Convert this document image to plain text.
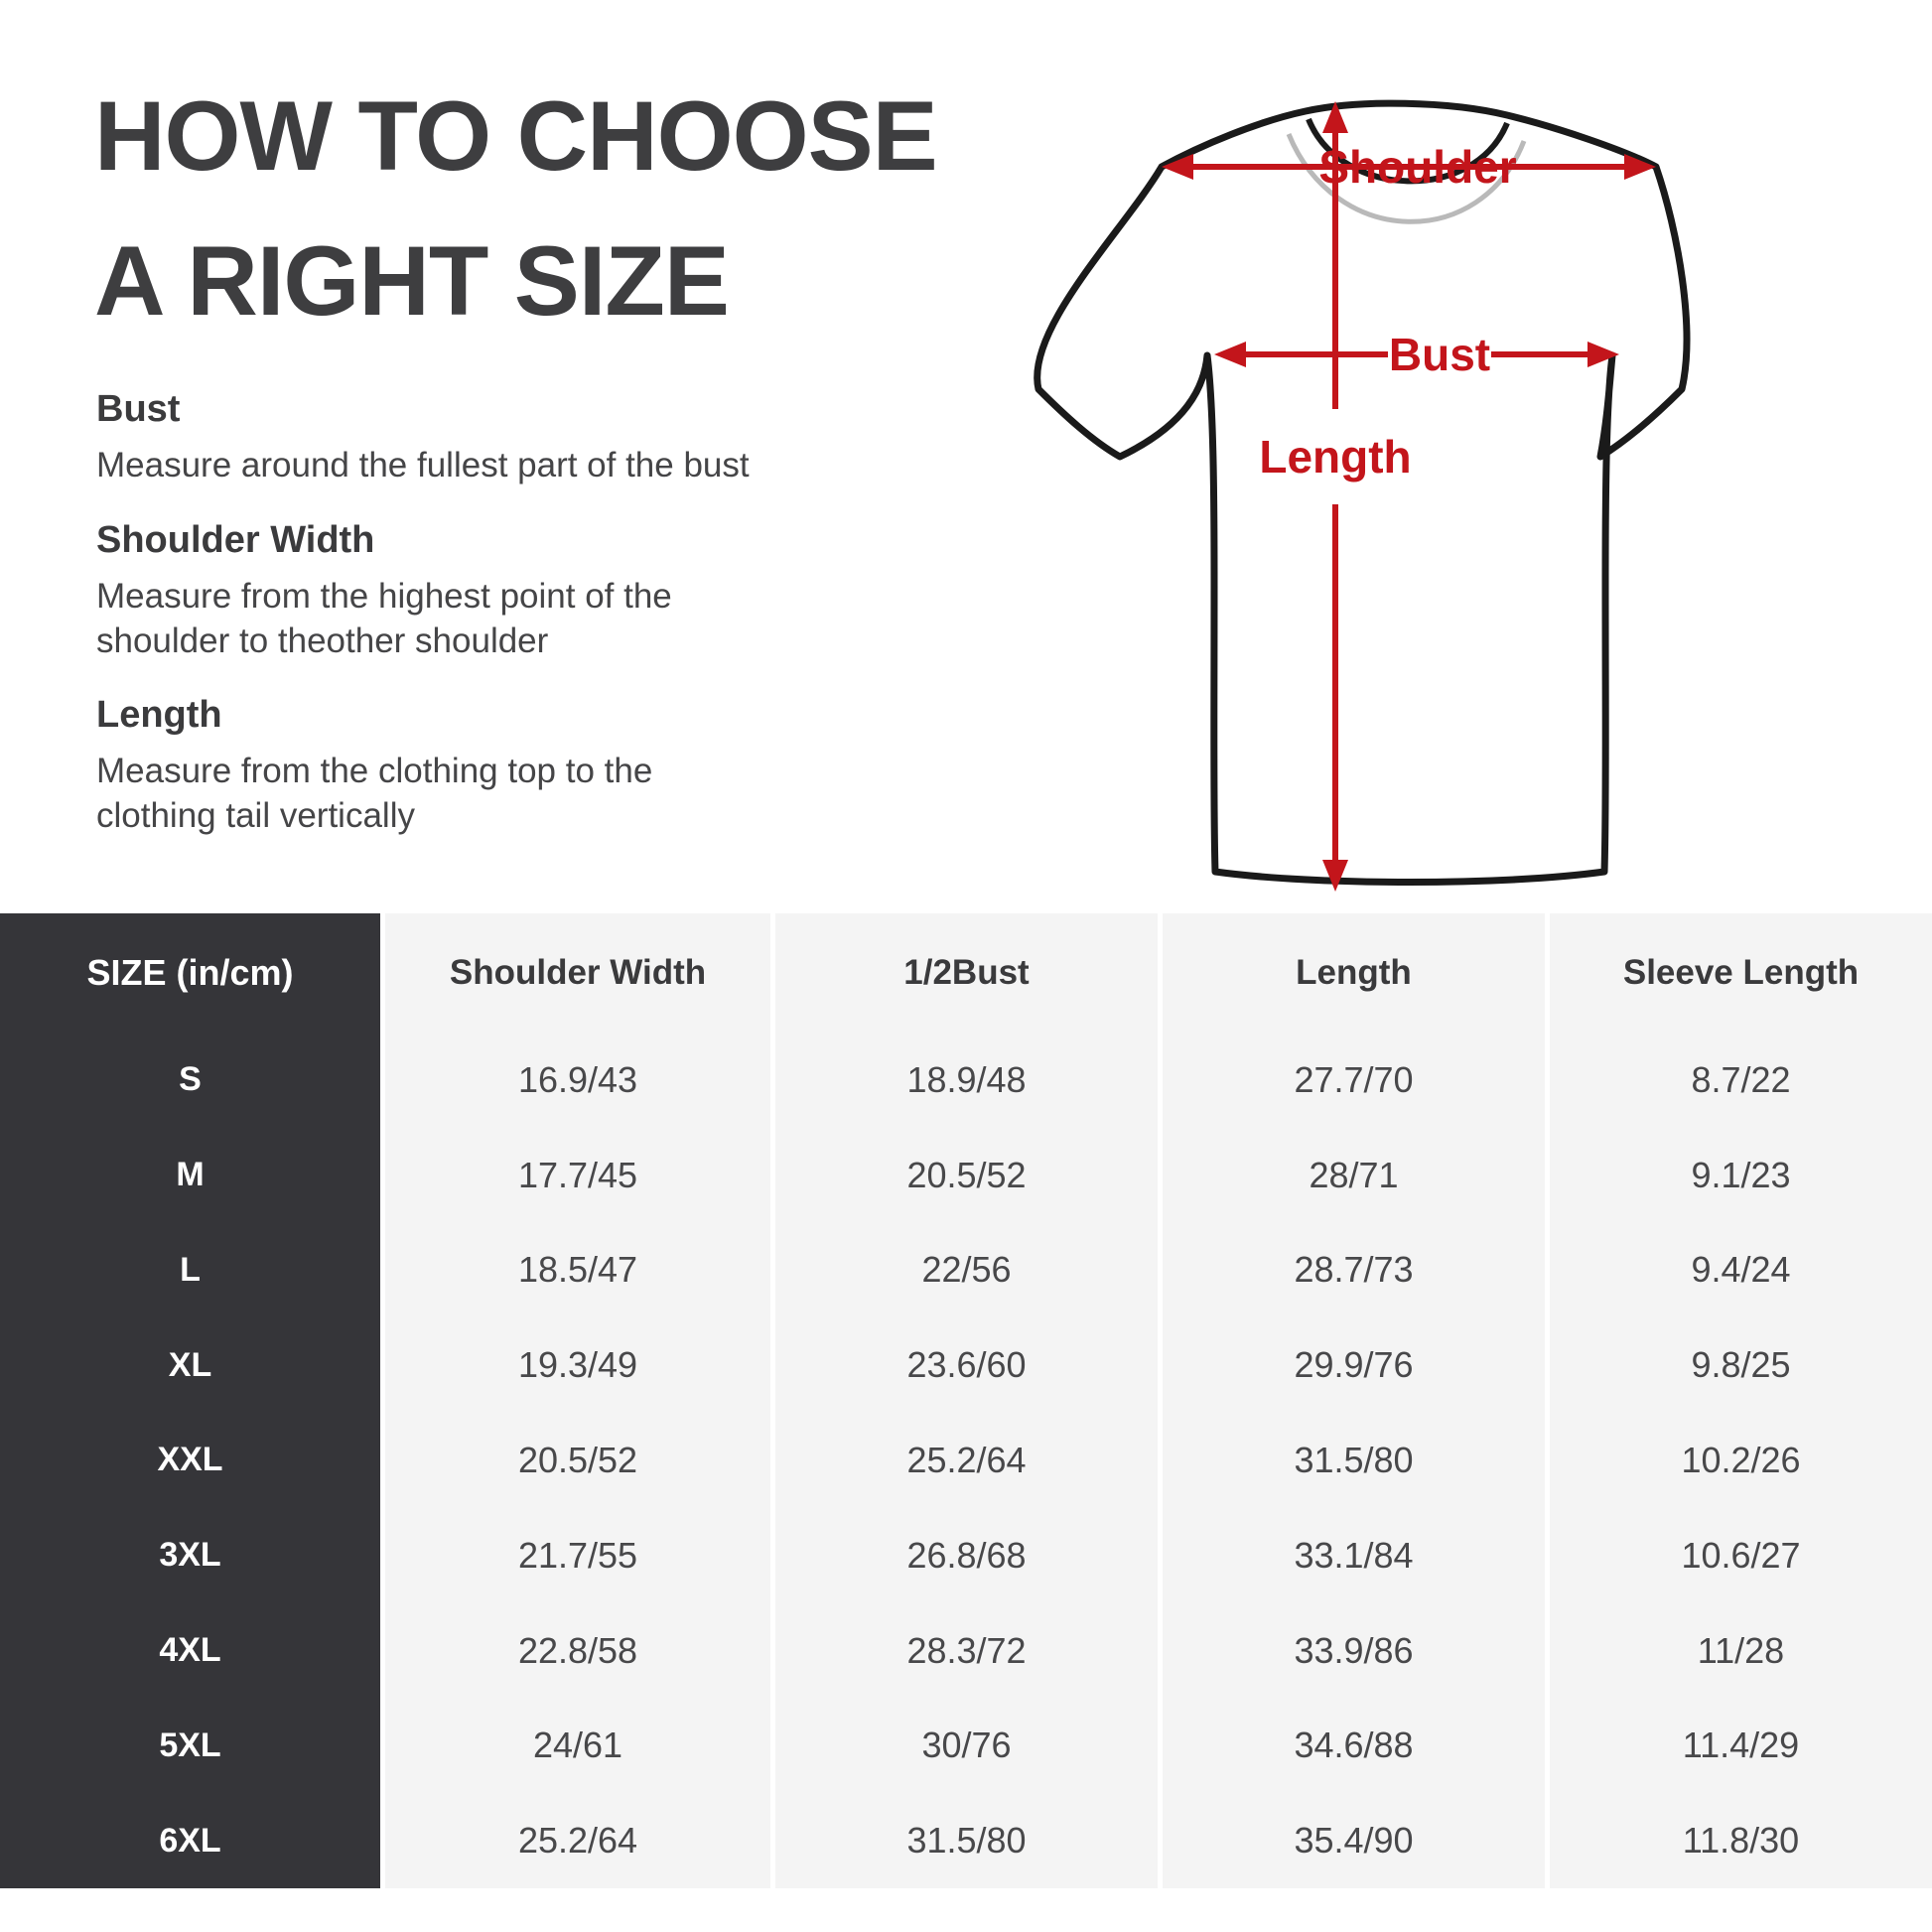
HOW TO CHOOSE
A RIGHT SIZE
Bust
Measure around the fullest part of the bust
Shoulder Width
Measure from the highest point of the
shoulder to theother shoulder
Length
Measure from the clothing top to the
clothing tail vertically
Shoulder
Bust
Length
SIZE (in/cm)	Shoulder Width	1/2Bust	Length	Sleeve Length
S	16.9/43	18.9/48	27.7/70	8.7/22
M	17.7/45	20.5/52	28/71	9.1/23
L	18.5/47	22/56	28.7/73	9.4/24
XL	19.3/49	23.6/60	29.9/76	9.8/25
XXL	20.5/52	25.2/64	31.5/80	10.2/26
3XL	21.7/55	26.8/68	33.1/84	10.6/27
4XL	22.8/58	28.3/72	33.9/86	11/28
5XL	24/61	30/76	34.6/88	11.4/29
6XL	25.2/64	31.5/80	35.4/90	11.8/30
